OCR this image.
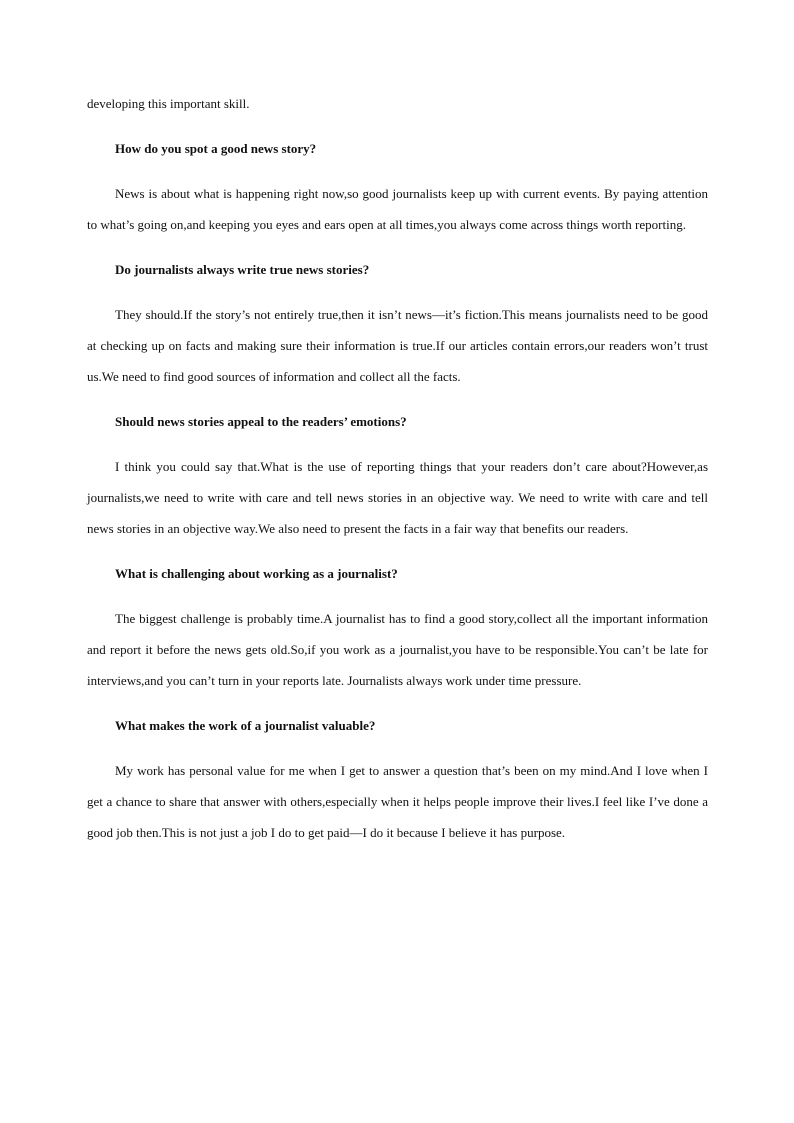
developing this important skill.

How do you spot a good news story?

News is about what is happening right now,so good journalists keep up with current events. By paying attention to what’s going on,and keeping you eyes and ears open at all times,you always come across things worth reporting.

Do journalists always write true news stories?

They should.If the story’s not entirely true,then it isn’t news—it’s fiction.This means journalists need to be good at checking up on facts and making sure their information is true.If our articles contain errors,our readers won’t trust us.We need to find good sources of information and collect all the facts.

Should news stories appeal to the readers’ emotions?

I think you could say that.What is the use of reporting things that your readers don’t care about?However,as journalists,we need to write with care and tell news stories in an objective way. We need to write with care and tell news stories in an objective way.We also need to present the facts in a fair way that benefits our readers.

What is challenging about working as a journalist?

The biggest challenge is probably time.A journalist has to find a good story,collect all the important information and report it before the news gets old.So,if you work as a journalist,you have to be responsible.You can’t be late for interviews,and you can’t turn in your reports late. Journalists always work under time pressure.

What makes the work of a journalist valuable?

My work has personal value for me when I get to answer a question that’s been on my mind.And I love when I get a chance to share that answer with others,especially when it helps people improve their lives.I feel like I’ve done a good job then.This is not just a job I do to get paid—I do it because I believe it has purpose.
